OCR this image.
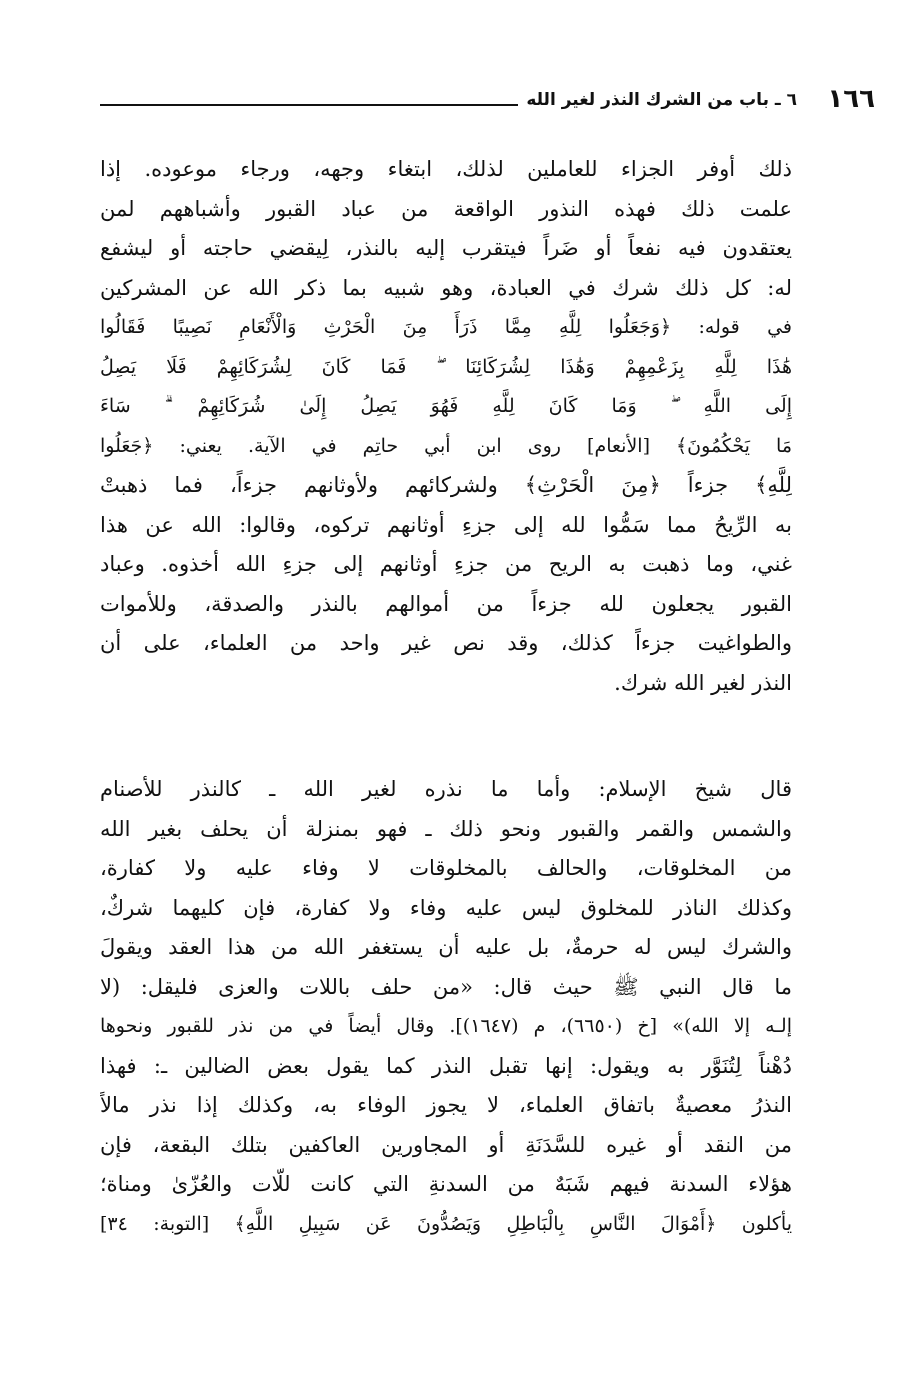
١٦٦
٦ ـ باب من الشرك النذر لغير الله
ذلك أوفر الجزاء للعاملين لذلك، ابتغاء وجهه، ورجاء موعوده. إذا
علمت ذلك فهذه النذور الواقعة من عباد القبور وأشباههم لمن
يعتقدون فيه نفعاً أو ضَراً فيتقرب إليه بالنذر، لِيقضي حاجته أو ليشفع
له: كل ذلك شرك في العبادة، وهو شبيه بما ذكر الله عن المشركين
في قوله: ﴿وَجَعَلُوا لِلَّهِ مِمَّا ذَرَأَ مِنَ الْحَرْثِ وَالْأَنْعَامِ نَصِيبًا فَقَالُوا
هَٰذَا لِلَّهِ بِزَعْمِهِمْ وَهَٰذَا لِشُرَكَائِنَا ۖ فَمَا كَانَ لِشُرَكَائِهِمْ فَلَا يَصِلُ
إِلَى اللَّهِ ۖ وَمَا كَانَ لِلَّهِ فَهُوَ يَصِلُ إِلَىٰ شُرَكَائِهِمْ ۗ سَاءَ
مَا يَحْكُمُونَ﴾ [الأنعام] روى ابن أبي حاتِم في الآية. يعني: ﴿جَعَلُوا
لِلَّهِ﴾ جزءاً ﴿مِنَ الْحَرْثِ﴾ ولشركائهم ولأوثانهم جزءاً، فما ذهبتْ
به الرِّيحُ مما سَمُّوا لله إلى جزءِ أوثانهم تركوه، وقالوا: الله عن هذا
غني، وما ذهبت به الريح من جزءِ أوثانهم إلى جزءِ الله أخذوه. وعباد
القبور يجعلون لله جزءاً من أموالهم بالنذر والصدقة، وللأموات
والطواغيت جزءاً كذلك، وقد نص غير واحد من العلماء، على أن
النذر لغير الله شرك.
قال شيخ الإسلام: وأما ما نذره لغير الله ـ كالنذر للأصنام
والشمس والقمر والقبور ونحو ذلك ـ فهو بمنزلة أن يحلف بغير الله
من المخلوقات، والحالف بالمخلوقات لا وفاء عليه ولا كفارة،
وكذلك الناذر للمخلوق ليس عليه وفاء ولا كفارة، فإن كليهما شركٌ،
والشرك ليس له حرمةٌ، بل عليه أن يستغفر الله من هذا العقد ويقولَ
ما قال النبي ﷺ حيث قال: «من حلف باللات والعزى فليقل: (لا
إلـه إلا الله)» [خ (٦٦٥٠)، م (١٦٤٧)]. وقال أيضاً في من نذر للقبور ونحوها
دُهْناً لِتُنَوَّر به ويقول: إنها تقبل النذر كما يقول بعض الضالين ـ: فهذا
النذرُ معصيةٌ باتفاق العلماء، لا يجوز الوفاء به، وكذلك إذا نذر مالاً
من النقد أو غيره للسَّدَنَةِ أو المجاورين العاكفين بتلك البقعة، فإن
هؤلاء السدنة فيهم شَبَهٌ من السدنةِ التي كانت للّات والعُزّىٰ ومناة؛
يأكلون ﴿أَمْوَالَ النَّاسِ بِالْبَاطِلِ وَيَصُدُّونَ عَن سَبِيلِ اللَّهِ﴾ [التوبة: ٣٤]
